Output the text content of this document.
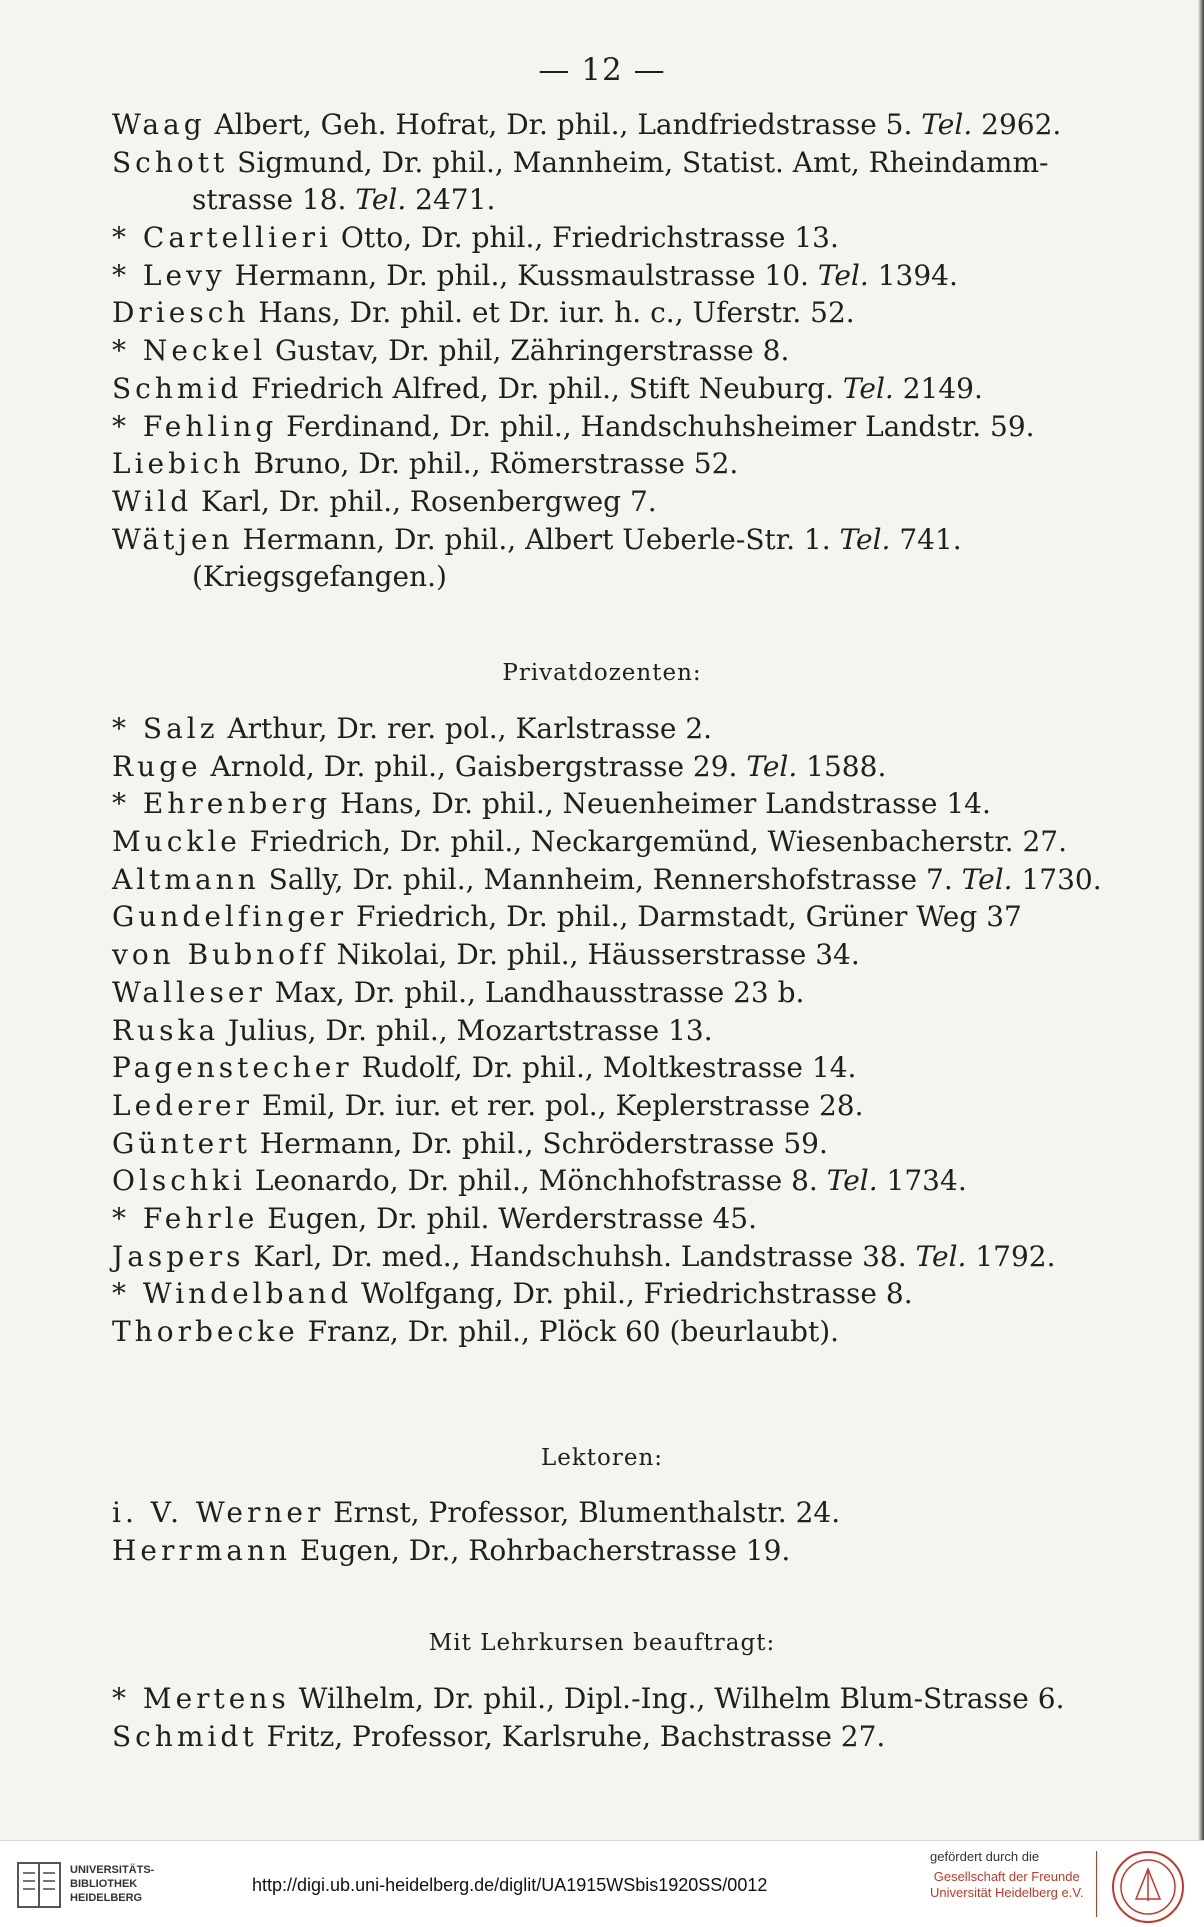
— 12 —
Waag Albert, Geh. Hofrat, Dr. phil., Landfriedstrasse 5. Tel. 2962.
Schott Sigmund, Dr. phil., Mannheim, Statist. Amt, Rheindamm-
strasse 18. Tel. 2471.
* Cartellieri Otto, Dr. phil., Friedrichstrasse 13.
* Levy Hermann, Dr. phil., Kussmaulstrasse 10. Tel. 1394.
Driesch Hans, Dr. phil. et Dr. iur. h. c., Uferstr. 52.
* Neckel Gustav, Dr. phil, Zähringerstrasse 8.
Schmid Friedrich Alfred, Dr. phil., Stift Neuburg. Tel. 2149.
* Fehling Ferdinand, Dr. phil., Handschuhsheimer Landstr. 59.
Liebich Bruno, Dr. phil., Römerstrasse 52.
Wild Karl, Dr. phil., Rosenbergweg 7.
Wätjen Hermann, Dr. phil., Albert Ueberle-Str. 1. Tel. 741.
(Kriegsgefangen.)
Privatdozenten:
* Salz Arthur, Dr. rer. pol., Karlstrasse 2.
Ruge Arnold, Dr. phil., Gaisbergstrasse 29. Tel. 1588.
* Ehrenberg Hans, Dr. phil., Neuenheimer Landstrasse 14.
Muckle Friedrich, Dr. phil., Neckargemünd, Wiesenbacherstr. 27.
Altmann Sally, Dr. phil., Mannheim, Rennershofstrasse 7. Tel. 1730.
Gundelfinger Friedrich, Dr. phil., Darmstadt, Grüner Weg 37
von Bubnoff Nikolai, Dr. phil., Häusserstrasse 34.
Walleser Max, Dr. phil., Landhausstrasse 23 b.
Ruska Julius, Dr. phil., Mozartstrasse 13.
Pagenstecher Rudolf, Dr. phil., Moltkestrasse 14.
Lederer Emil, Dr. iur. et rer. pol., Keplerstrasse 28.
Güntert Hermann, Dr. phil., Schröderstrasse 59.
Olschki Leonardo, Dr. phil., Mönchhofstrasse 8. Tel. 1734.
* Fehrle Eugen, Dr. phil. Werderstrasse 45.
Jaspers Karl, Dr. med., Handschuhsh. Landstrasse 38. Tel. 1792.
* Windelband Wolfgang, Dr. phil., Friedrichstrasse 8.
Thorbecke Franz, Dr. phil., Plöck 60 (beurlaubt).
Lektoren:
i. V. Werner Ernst, Professor, Blumenthalstr. 24.
Herrmann Eugen, Dr., Rohrbacherstrasse 19.
Mit Lehrkursen beauftragt:
* Mertens Wilhelm, Dr. phil., Dipl.-Ing., Wilhelm Blum-Strasse 6.
Schmidt Fritz, Professor, Karlsruhe, Bachstrasse 27.
UNIVERSITÄTS-
BIBLIOTHEK
HEIDELBERG
http://digi.ub.uni-heidelberg.de/diglit/UA1915WSbis1920SS/0012
gefördert durch die
Gesellschaft der Freunde
Universität Heidelberg e.V.
